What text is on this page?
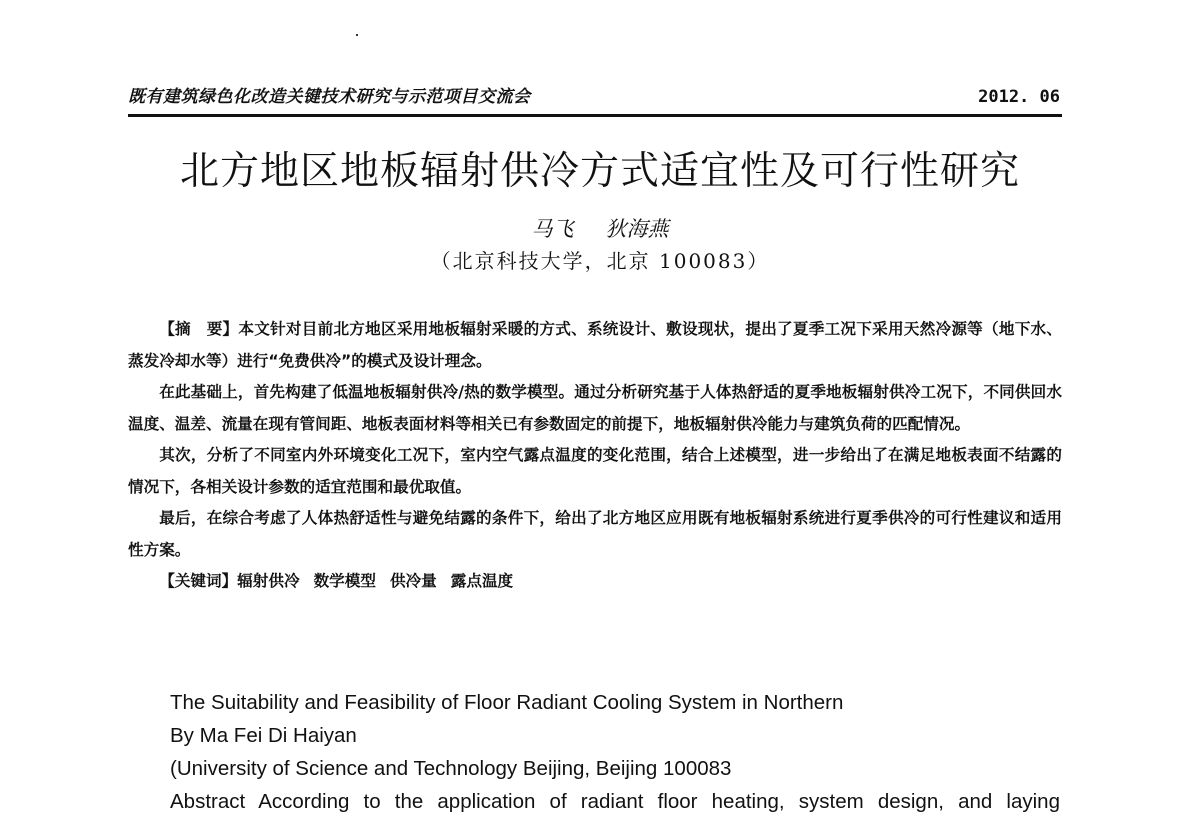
既有建筑绿色化改造关键技术研究与示范项目交流会	2012. 06
北方地区地板辐射供冷方式适宜性及可行性研究
马飞 狄海燕
（北京科技大学，北京 100083）

【摘　要】本文针对目前北方地区采用地板辐射采暖的方式、系统设计、敷设现状，提出了夏季工况下采用天然冷源等（地下水、蒸发冷却水等）进行“免费供冷”的模式及设计理念。

在此基础上，首先构建了低温地板辐射供冷/热的数学模型。通过分析研究基于人体热舒适的夏季地板辐射供冷工况下，不同供回水温度、温差、流量在现有管间距、地板表面材料等相关已有参数固定的前提下，地板辐射供冷能力与建筑负荷的匹配情况。

其次，分析了不同室内外环境变化工况下，室内空气露点温度的变化范围，结合上述模型，进一步给出了在满足地板表面不结露的情况下，各相关设计参数的适宜范围和最优取值。

最后，在综合考虑了人体热舒适性与避免结露的条件下，给出了北方地区应用既有地板辐射系统进行夏季供冷的可行性建议和适用性方案。

【关键词】辐射供冷 数学模型 供冷量 露点温度

The Suitability and Feasibility of Floor Radiant Cooling System in Northern
By Ma Fei Di Haiyan
(University of Science and Technology Beijing, Beijing 100083
Abstract According to the application of radiant floor heating, system design, and laying
